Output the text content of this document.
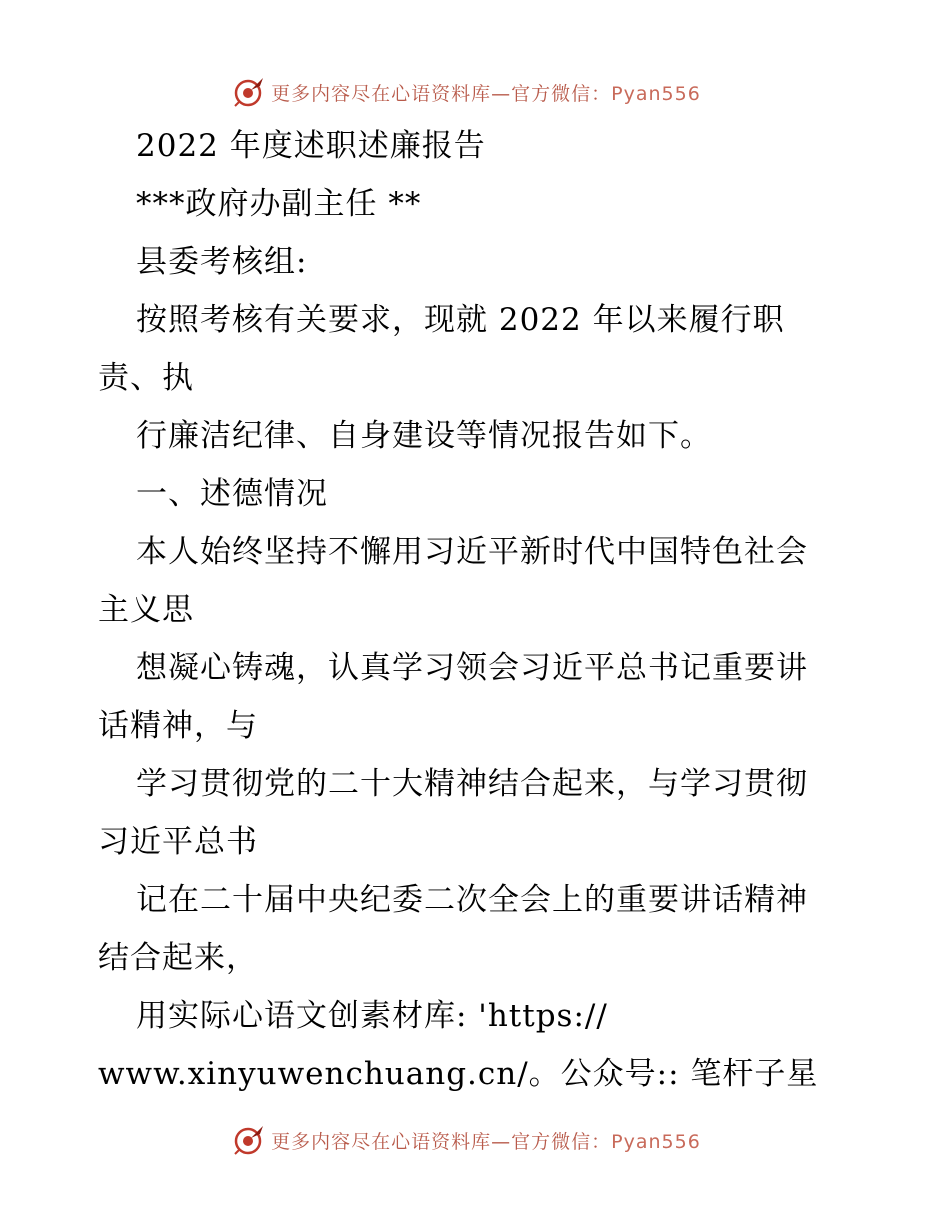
更多内容尽在心语资料库—官方微信：Pyan556
2022 年度述职述廉报告
***政府办副主任 **
县委考核组:
按照考核有关要求，现就 2022 年以来履行职
责、执
行廉洁纪律、自身建设等情况报告如下。
一、述德情况
本人始终坚持不懈用习近平新时代中国特色社会
主义思
想凝心铸魂，认真学习领会习近平总书记重要讲
话精神，与
学习贯彻党的二十大精神结合起来，与学习贯彻
习近平总书
记在二十届中央纪委二次全会上的重要讲话精神
结合起来，
用实际心语文创素材库: 'https://
www.xinyuwenchuang.cn/。公众号:: 笔杆子星
更多内容尽在心语资料库—官方微信：Pyan556
